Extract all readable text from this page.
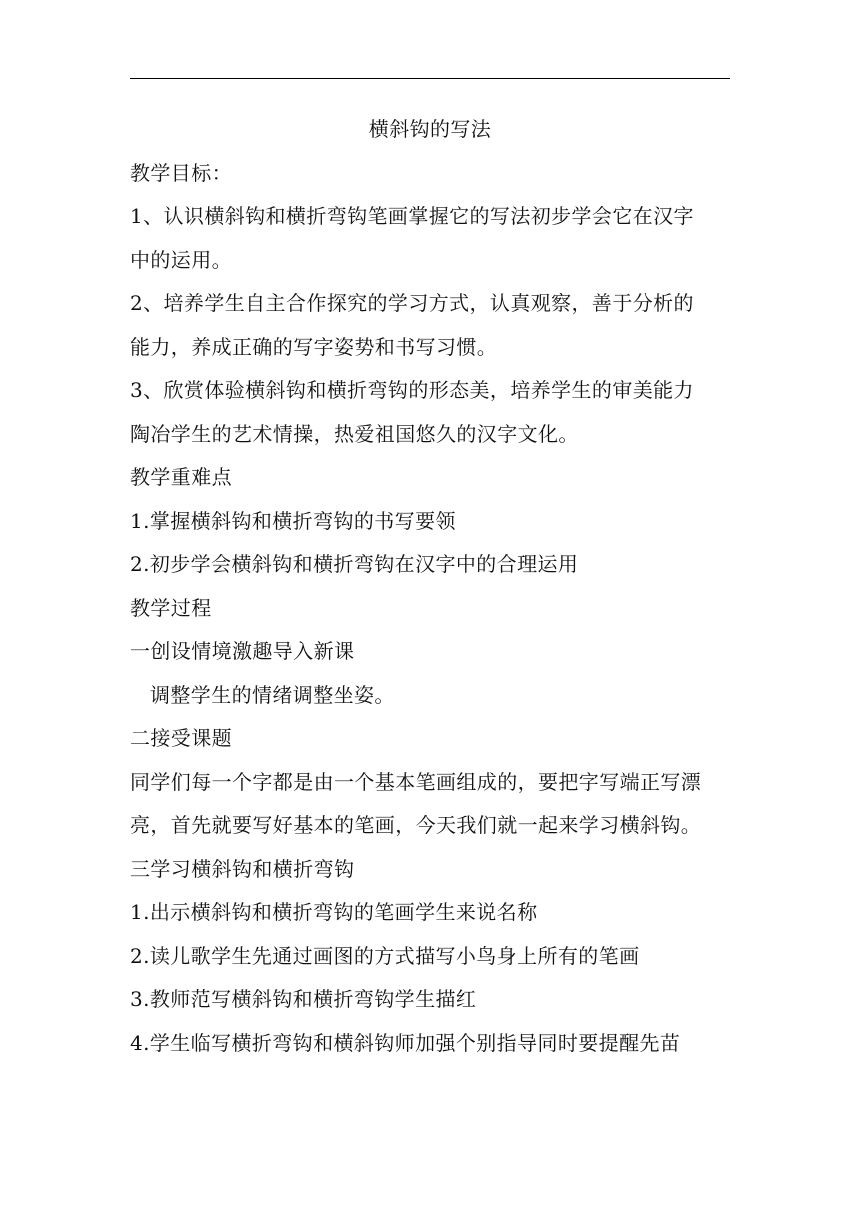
横斜钩的写法

教学目标：

1、认识横斜钩和横折弯钩笔画掌握它的写法初步学会它在汉字

中的运用。

2、培养学生自主合作探究的学习方式，认真观察，善于分析的

能力，养成正确的写字姿势和书写习惯。

3、欣赏体验横斜钩和横折弯钩的形态美，培养学生的审美能力

陶冶学生的艺术情操，热爱祖国悠久的汉字文化。

教学重难点

1.掌握横斜钩和横折弯钩的书写要领

2.初步学会横斜钩和横折弯钩在汉字中的合理运用

教学过程

一创设情境激趣导入新课

调整学生的情绪调整坐姿。

二接受课题

同学们每一个字都是由一个基本笔画组成的，要把字写端正写漂

亮，首先就要写好基本的笔画，今天我们就一起来学习横斜钩。

三学习横斜钩和横折弯钩

1.出示横斜钩和横折弯钩的笔画学生来说名称

2.读儿歌学生先通过画图的方式描写小鸟身上所有的笔画

3.教师范写横斜钩和横折弯钩学生描红

4.学生临写横折弯钩和横斜钩师加强个别指导同时要提醒先苗
